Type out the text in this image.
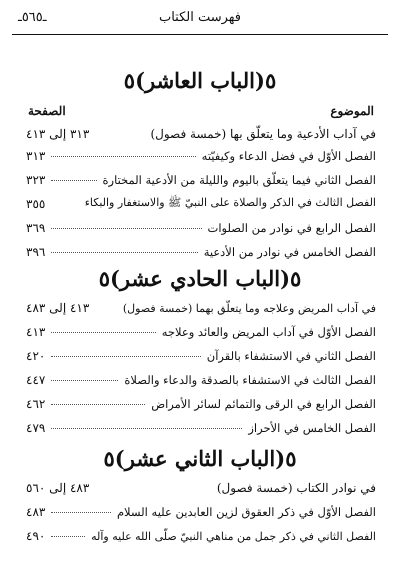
ـ٥٦٥ـ	فهرست الكتاب
٥(الباب العاشر)٥
الموضوع
الصفحة
في آداب الأدعية وما يتعلّق بها (خمسة فصول)
٣١٣ إلى ٤١٣
الفصل الأوّل في فضل الدعاء وكيفيّته
٣١٣
الفصل الثاني فيما يتعلّق باليوم والليلة من الأدعية المختارة
٣٢٣
الفصل الثالث في الذكر والصلاة على النبيّ ﷺ والاستغفار والبكاء
٣٥٥
الفصل الرابع في نوادر من الصلوات
٣٦٩
الفصل الخامس في نوادر من الأدعية
٣٩٦
٥(الباب الحادي عشر)٥
في آداب المريض وعلاجه وما يتعلّق بهما (خمسة فصول)
٤١٣ إلى ٤٨٣
الفصل الأوّل في آداب المريض والعائد وعلاجه
٤١٣
الفصل الثاني في الاستشفاء بالقرآن
٤٢٠
الفصل الثالث في الاستشفاء بالصدقة والدعاء والصلاة
٤٤٧
الفصل الرابع في الرقى والتمائم لسائر الأمراض
٤٦٢
الفصل الخامس في الأحراز
٤٧٩
٥(الباب الثاني عشر)٥
في نوادر الكتاب (خمسة فصول)
٤٨٣ إلى ٥٦٠
الفصل الأوّل في ذكر العقوق لزين العابدين عليه السلام
٤٨٣
الفصل الثاني في ذكر جمل من مناهي النبيّ صلّى الله عليه وآله
٤٩٠
